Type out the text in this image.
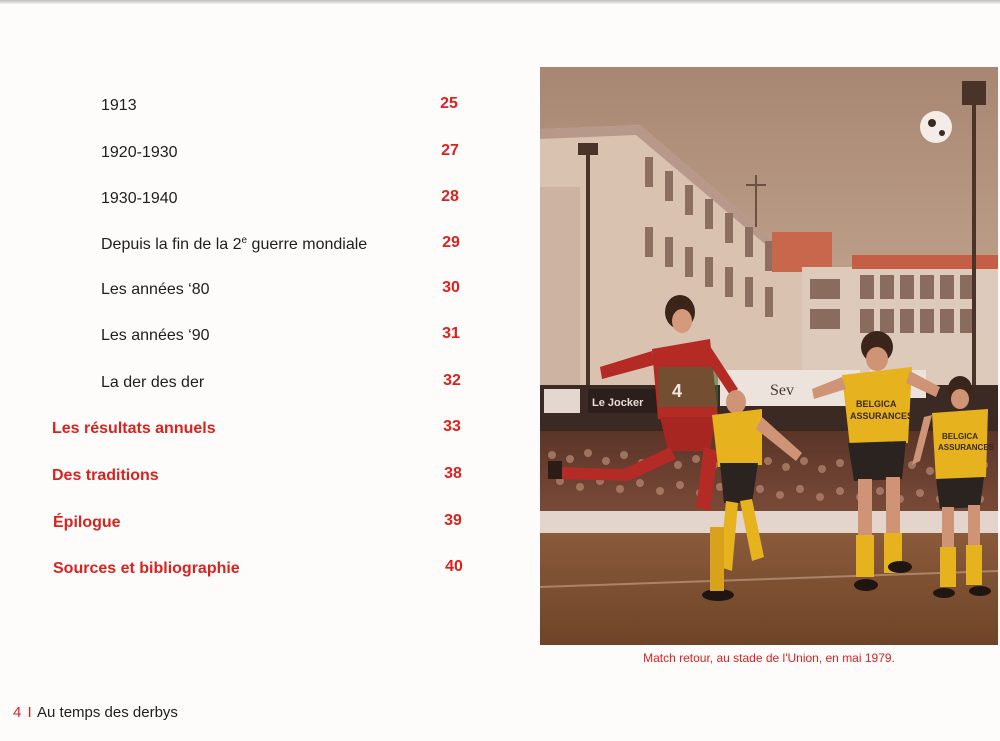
1913	25
1920-1930	27
1930-1940	28
Depuis la fin de la 2e guerre mondiale	29
Les années ‘80	30
Les années ‘90	31
La der des der	32
Les résultats annuels	33
Des traditions	38
Épilogue	39
Sources et bibliographie	40
Le Jocker
Sev
4
BELGICA
ASSURANCES
BELGICA
ASSURANCES
Match retour, au stade de l'Union, en mai 1979.
4 I Au temps des derbys
